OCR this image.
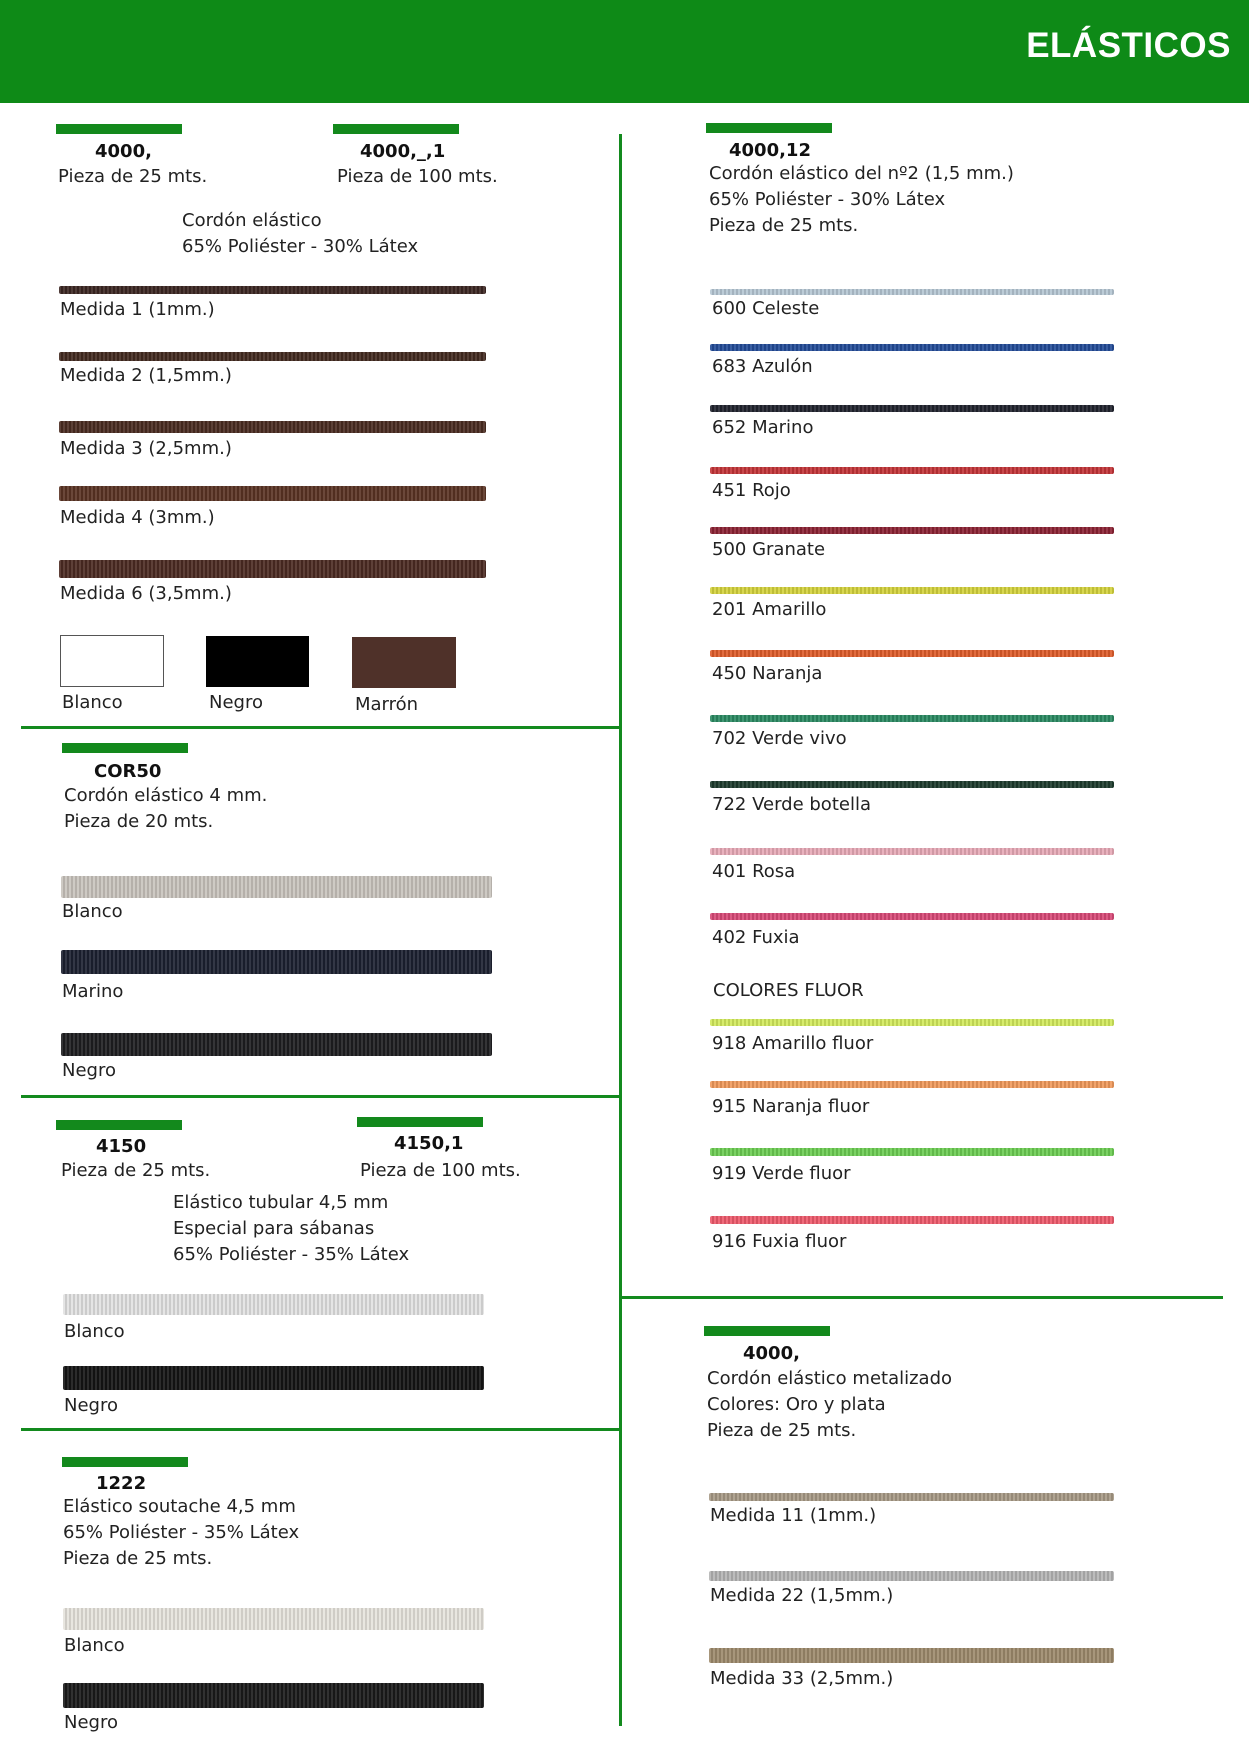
ELÁSTICOS
4000,
Pieza de 25 mts.
4000,_,1
Pieza de 100 mts.
Cordón elástico
65% Poliéster - 30% Látex
Medida 1 (1mm.)
Medida 2 (1,5mm.)
Medida 3 (2,5mm.)
Medida 4 (3mm.)
Medida 6 (3,5mm.)
Blanco	Negro	Marrón
COR50
Cordón elástico 4 mm.
Pieza de 20 mts.
Blanco
Marino
Negro
4150
Pieza de 25 mts.
4150,1
Pieza de 100 mts.
Elástico tubular 4,5 mm
Especial para sábanas
65% Poliéster - 35% Látex
Blanco
Negro
1222
Elástico soutache 4,5 mm
65% Poliéster - 35% Látex
Pieza de 25 mts.
Blanco
Negro
4000,12
Cordón elástico del nº2 (1,5 mm.)
65% Poliéster - 30% Látex
Pieza de 25 mts.
600 Celeste
683 Azulón
652 Marino
451 Rojo
500 Granate
201 Amarillo
450 Naranja
702 Verde vivo
722 Verde botella
401 Rosa
402 Fuxia
COLORES FLUOR
918 Amarillo fluor
915 Naranja fluor
919 Verde fluor
916 Fuxia fluor
4000,
Cordón elástico metalizado
Colores: Oro y plata
Pieza de 25 mts.
Medida 11 (1mm.)
Medida 22 (1,5mm.)
Medida 33 (2,5mm.)
